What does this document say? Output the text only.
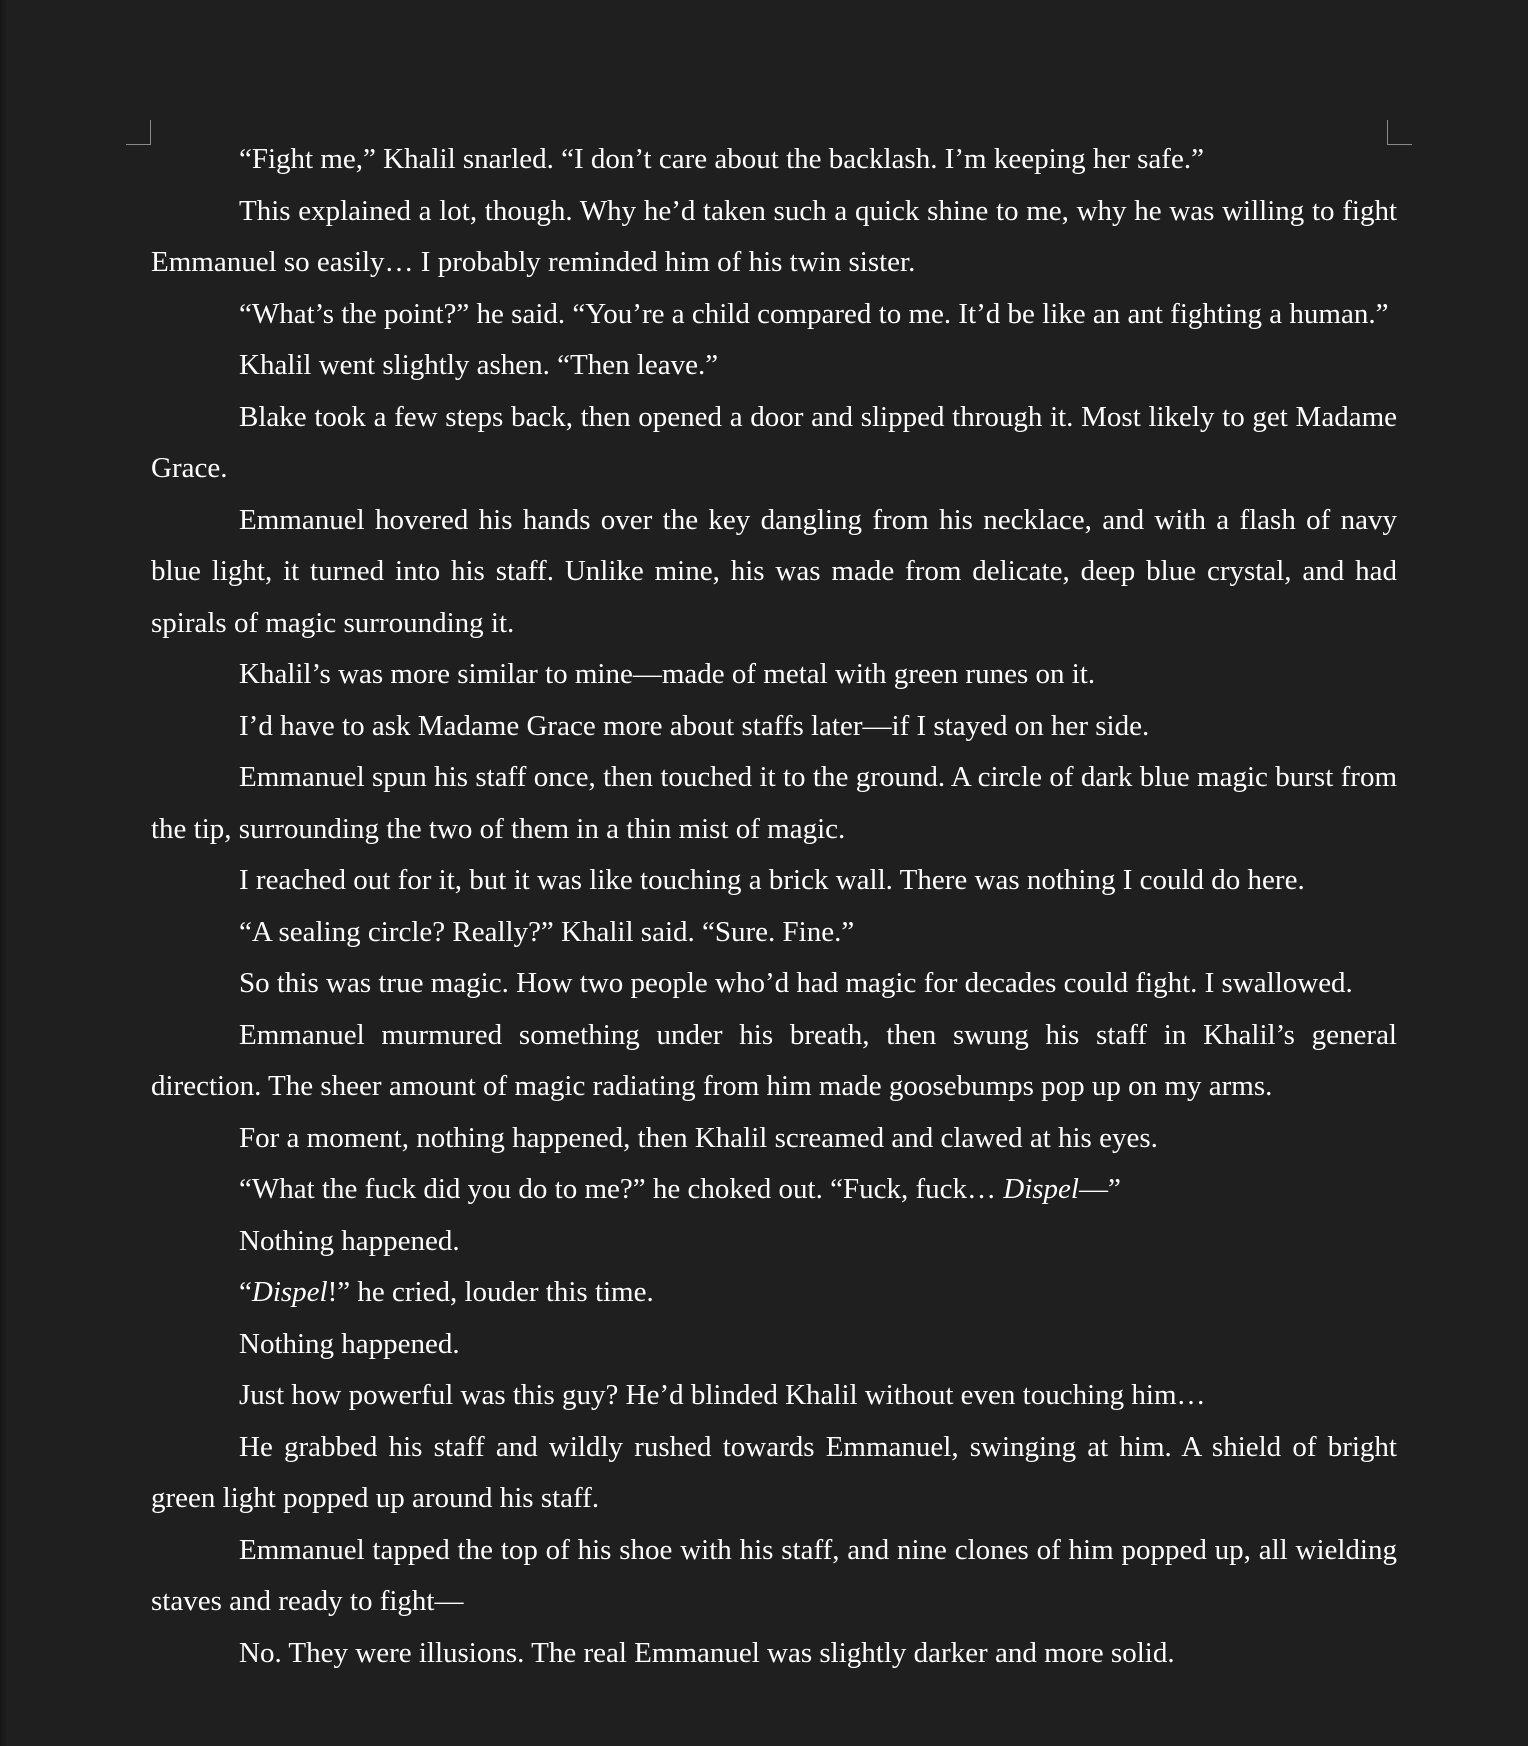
“Fight me,” Khalil snarled. “I don’t care about the backlash. I’m keeping her safe.”

This explained a lot, though. Why he’d taken such a quick shine to me, why he was willing to fight Emmanuel so easily… I probably reminded him of his twin sister.

“What’s the point?” he said. “You’re a child compared to me. It’d be like an ant fighting a human.”

Khalil went slightly ashen. “Then leave.”

Blake took a few steps back, then opened a door and slipped through it. Most likely to get Madame Grace.

Emmanuel hovered his hands over the key dangling from his necklace, and with a flash of navy blue light, it turned into his staff. Unlike mine, his was made from delicate, deep blue crystal, and had spirals of magic surrounding it.

Khalil’s was more similar to mine—made of metal with green runes on it.

I’d have to ask Madame Grace more about staffs later—if I stayed on her side.

Emmanuel spun his staff once, then touched it to the ground. A circle of dark blue magic burst from the tip, surrounding the two of them in a thin mist of magic.

I reached out for it, but it was like touching a brick wall. There was nothing I could do here.

“A sealing circle? Really?” Khalil said. “Sure. Fine.”

So this was true magic. How two people who’d had magic for decades could fight. I swallowed.

Emmanuel murmured something under his breath, then swung his staff in Khalil’s general direction. The sheer amount of magic radiating from him made goosebumps pop up on my arms.

For a moment, nothing happened, then Khalil screamed and clawed at his eyes.

“What the fuck did you do to me?” he choked out. “Fuck, fuck… Dispel—”

Nothing happened.

“Dispel!” he cried, louder this time.

Nothing happened.

Just how powerful was this guy? He’d blinded Khalil without even touching him…

He grabbed his staff and wildly rushed towards Emmanuel, swinging at him. A shield of bright green light popped up around his staff.

Emmanuel tapped the top of his shoe with his staff, and nine clones of him popped up, all wielding staves and ready to fight—

No. They were illusions. The real Emmanuel was slightly darker and more solid.
